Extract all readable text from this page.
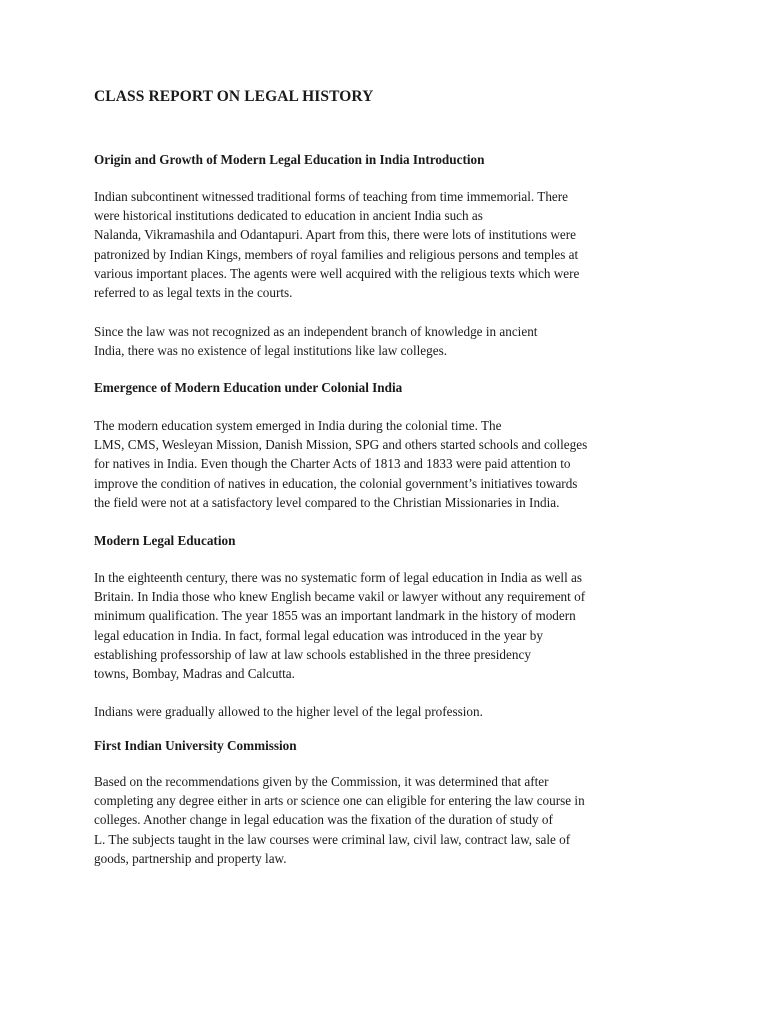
CLASS REPORT ON LEGAL HISTORY
Origin and Growth of Modern Legal Education in India Introduction
Indian subcontinent witnessed traditional forms of teaching from time immemorial. There
were historical institutions dedicated to education in ancient India such as
Nalanda, Vikramashila and Odantapuri. Apart from this, there were lots of institutions were
patronized by Indian Kings, members of royal families and religious persons and temples at
various important places. The agents were well acquired with the religious texts which were
referred to as legal texts in the courts.
Since the law was not recognized as an independent branch of knowledge in ancient
India, there was no existence of legal institutions like law colleges.
Emergence of Modern Education under Colonial India
The modern education system emerged in India during the colonial time. The
LMS, CMS, Wesleyan Mission, Danish Mission, SPG and others started schools and colleges
for natives in India. Even though the Charter Acts of 1813 and 1833 were paid attention to
improve the condition of natives in education, the colonial government’s initiatives towards
the field were not at a satisfactory level compared to the Christian Missionaries in India.
Modern Legal Education
In the eighteenth century, there was no systematic form of legal education in India as well as
Britain. In India those who knew English became vakil or lawyer without any requirement of
minimum qualification. The year 1855 was an important landmark in the history of modern
legal education in India. In fact, formal legal education was introduced in the year by
establishing professorship of law at law schools established in the three presidency
towns, Bombay, Madras and Calcutta.
Indians were gradually allowed to the higher level of the legal profession.
First Indian University Commission
Based on the recommendations given by the Commission, it was determined that after
completing any degree either in arts or science one can eligible for entering the law course in
colleges. Another change in legal education was the fixation of the duration of study of
L. The subjects taught in the law courses were criminal law, civil law, contract law, sale of
goods, partnership and property law.
